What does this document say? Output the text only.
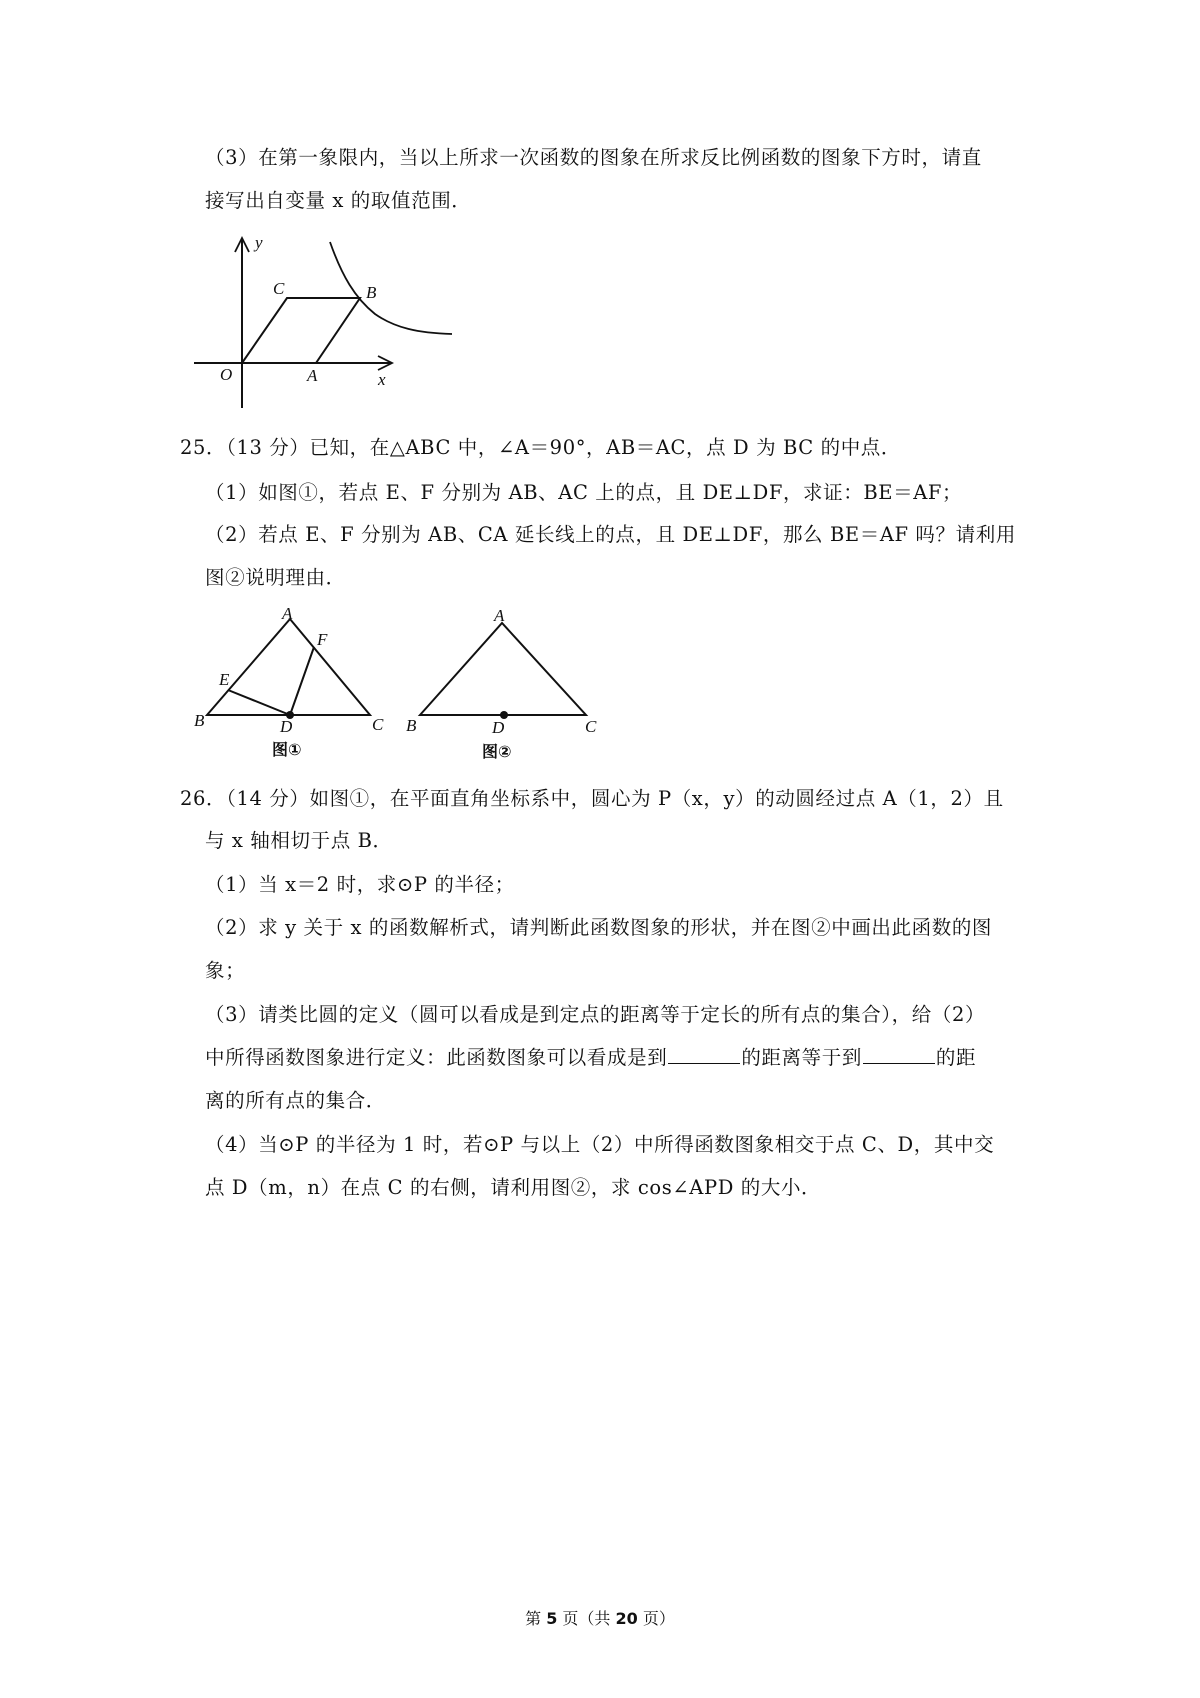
（3）在第一象限内，当以上所求一次函数的图象在所求反比例函数的图象下方时，请直
接写出自变量 x 的取值范围．
y
x
O	A
B
C
25．（13 分）已知，在△ABC 中，∠A＝90°，AB＝AC，点 D 为 BC 的中点．
（1）如图①，若点 E、F 分别为 AB、AC 上的点，且 DE⊥DF，求证：BE＝AF；
（2）若点 E、F 分别为 AB、CA 延长线上的点，且 DE⊥DF，那么 BE＝AF 吗？请利用
图②说明理由．
A
B	C
D
E
F
图①
A
B	C
D
图②
26．（14 分）如图①，在平面直角坐标系中，圆心为 P（x，y）的动圆经过点 A（1，2）且
与 x 轴相切于点 B．
（1）当 x＝2 时，求⊙P 的半径；
（2）求 y 关于 x 的函数解析式，请判断此函数图象的形状，并在图②中画出此函数的图
象；
（3）请类比圆的定义（圆可以看成是到定点的距离等于定长的所有点的集合），给（2）
中所得函数图象进行定义：此函数图象可以看成是到	的距离等于到	的距
离的所有点的集合．
（4）当⊙P 的半径为 1 时，若⊙P 与以上（2）中所得函数图象相交于点 C、D，其中交
点 D（m，n）在点 C 的右侧，请利用图②，求 cos∠APD 的大小．
第 5 页（共 20 页）
